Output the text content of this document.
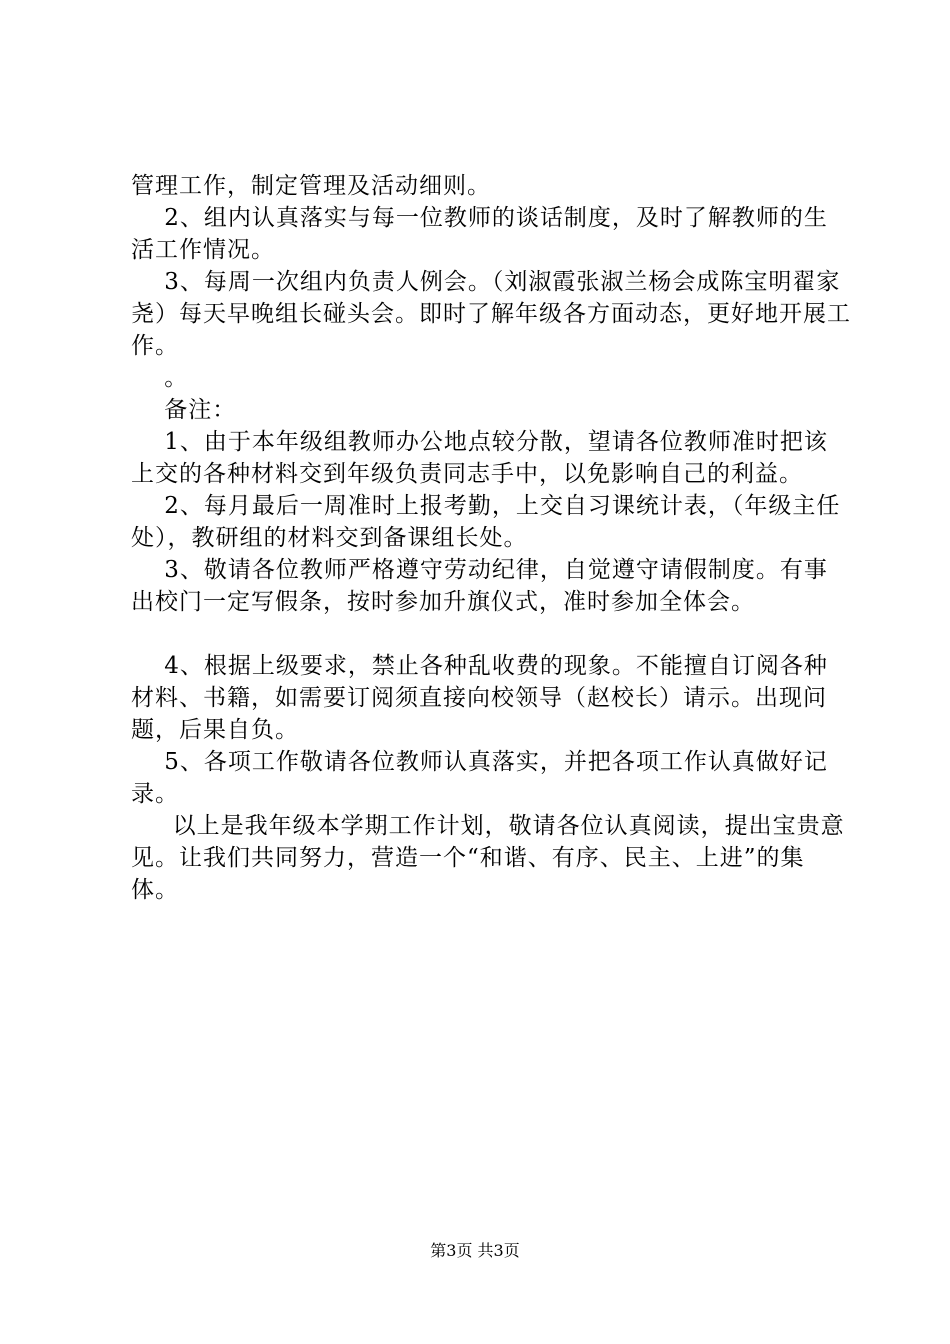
管理工作，制定管理及活动细则。

2、组内认真落实与每一位教师的谈话制度，及时了解教师的生活工作情况。

3、每周一次组内负责人例会。（刘淑霞张淑兰杨会成陈宝明翟家尧）每天早晚组长碰头会。即时了解年级各方面动态，更好地开展工作。

。

备注：

1、由于本年级组教师办公地点较分散，望请各位教师准时把该上交的各种材料交到年级负责同志手中，以免影响自己的利益。

2、每月最后一周准时上报考勤，上交自习课统计表，（年级主任处），教研组的材料交到备课组长处。

3、敬请各位教师严格遵守劳动纪律，自觉遵守请假制度。有事出校门一定写假条，按时参加升旗仪式，准时参加全体会。

4、根据上级要求，禁止各种乱收费的现象。不能擅自订阅各种材料、书籍，如需要订阅须直接向校领导（赵校长）请示。出现问题，后果自负。

5、各项工作敬请各位教师认真落实，并把各项工作认真做好记录。

以上是我年级本学期工作计划，敬请各位认真阅读，提出宝贵意见。让我们共同努力，营造一个“和谐、有序、民主、上进”的集体。

第3页 共3页
